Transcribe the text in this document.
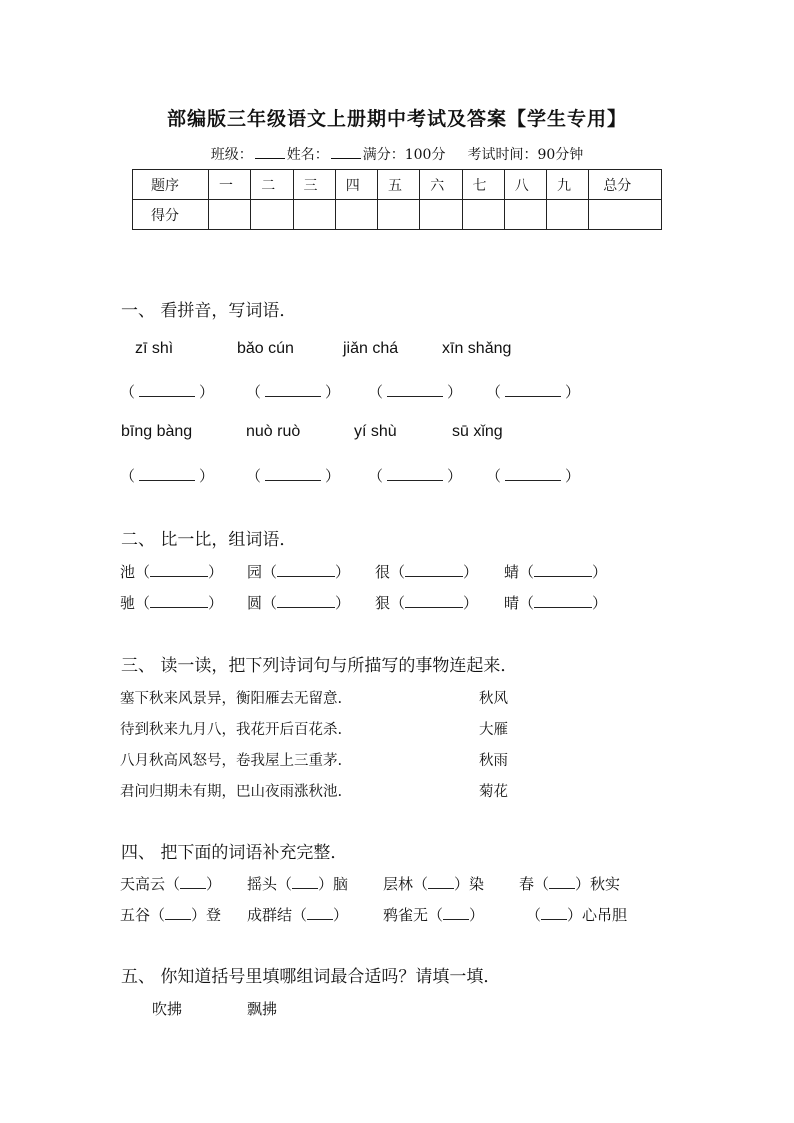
部编版三年级语文上册期中考试及答案【学生专用】
班级： 姓名： 满分：100分 考试时间：90分钟
题序	一	二	三	四	五	六	七	八	九	总分
得分										
一、 看拼音，写词语．
zī shì	bǎo cún	jiǎn chá	xīn shǎng
（	） （	） （	） （	）
bīng bàng	nuò ruò	yí shù	sū xǐng
（	） （	） （	） （	）
二、 比一比，组词语．
池（	） 园（	） 很（	） 蜻（	）
驰（	） 圆（	） 狠（	） 晴（	）
三、 读一读，把下列诗词句与所描写的事物连起来．
塞下秋来风景异，衡阳雁去无留意.	秋风
待到秋来九月八，我花开后百花杀.	大雁
八月秋高风怒号，卷我屋上三重茅.	秋雨
君问归期未有期，巴山夜雨涨秋池.	菊花
四、 把下面的词语补充完整．
天高云（ ） 摇头（ ）脑 层林（ ）染 春（ ）秋实
五谷（ ）登 成群结（ ） 鸦雀无（ ）	（ ）心吊胆
五、 你知道括号里填哪组词最合适吗？请填一填．
吹拂	飘拂
